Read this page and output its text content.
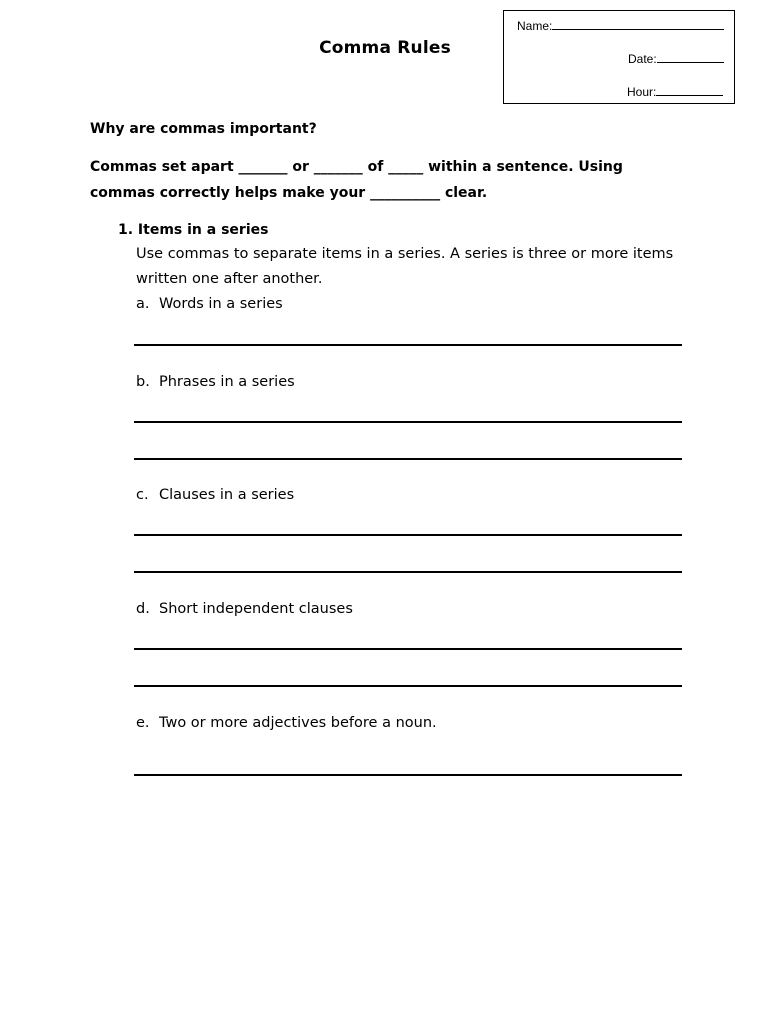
Name:
Date:
Hour:
Comma Rules
Why are commas important?
Commas set apart _______ or _______ of _____ within a sentence. Using
commas correctly helps make your __________ clear.
1. Items in a series
Use commas to separate items in a series. A series is three or more items
written one after another.
a. Words in a series
b. Phrases in a series
c. Clauses in a series
d. Short independent clauses
e. Two or more adjectives before a noun.
